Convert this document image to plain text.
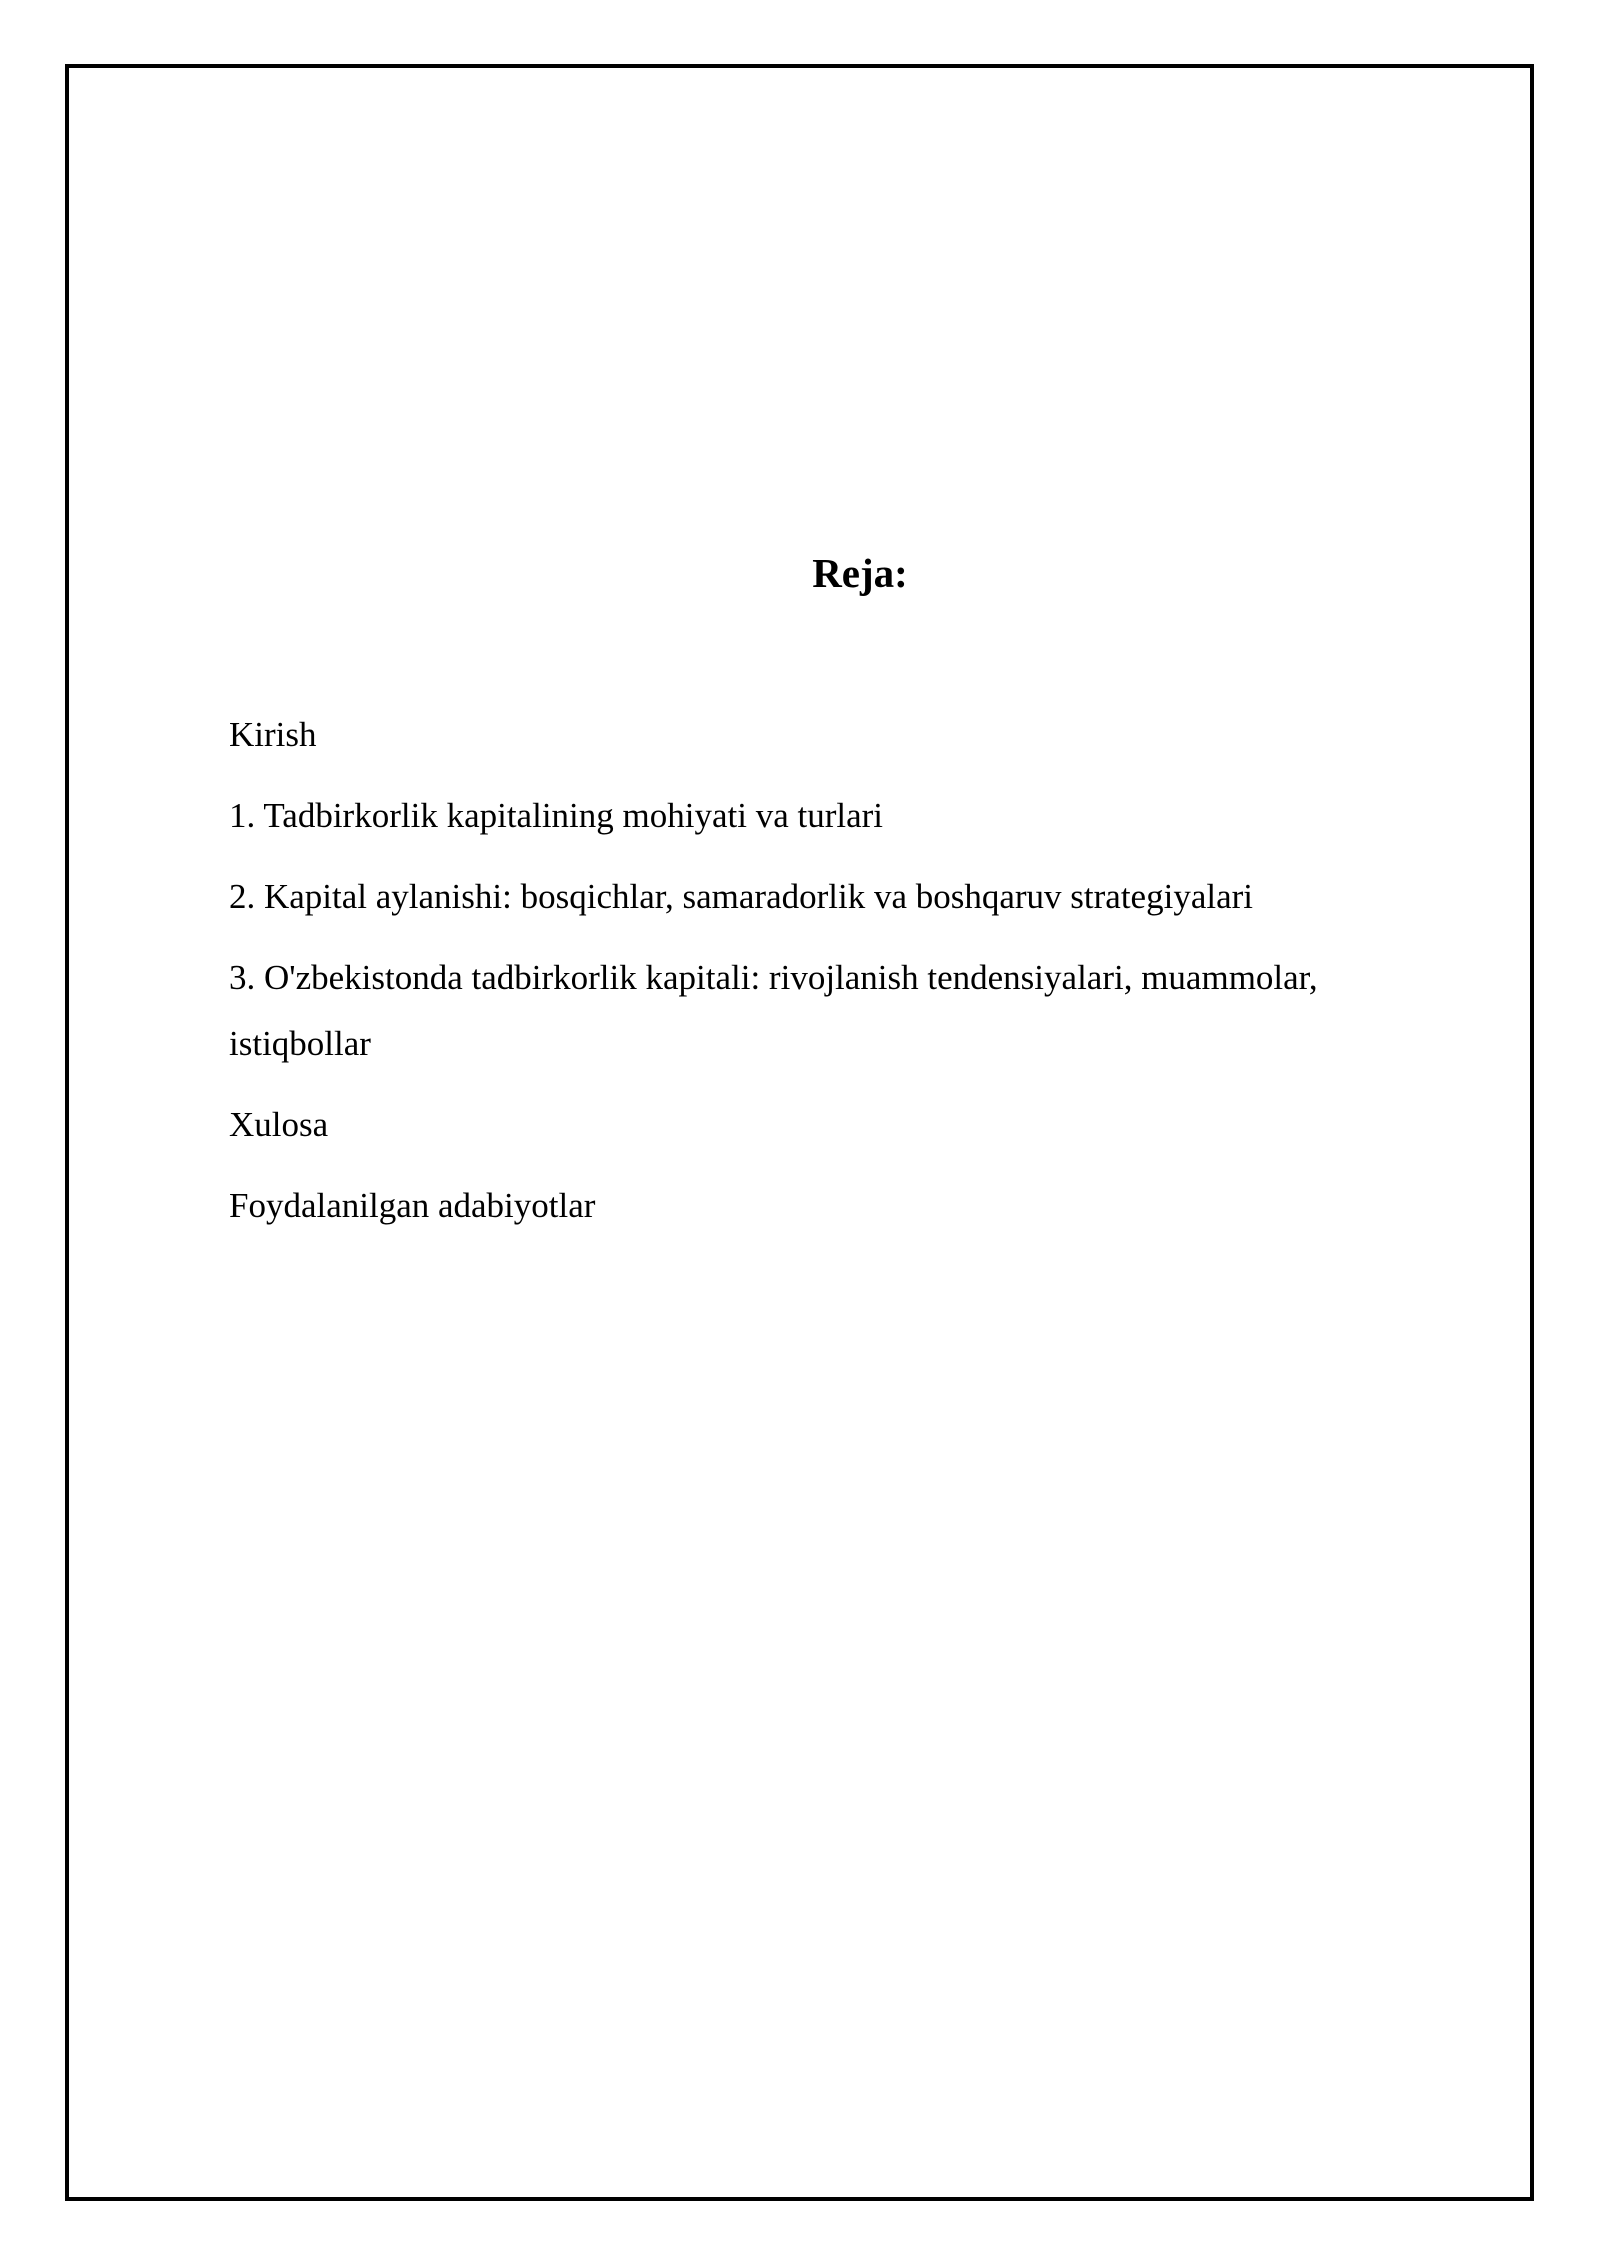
Reja:
Kirish
1. Tadbirkorlik kapitalining mohiyati va turlari
2. Kapital aylanishi: bosqichlar, samaradorlik va boshqaruv strategiyalari
3. O'zbekistonda tadbirkorlik kapitali: rivojlanish tendensiyalari, muammolar, istiqbollar
Xulosa
Foydalanilgan adabiyotlar
